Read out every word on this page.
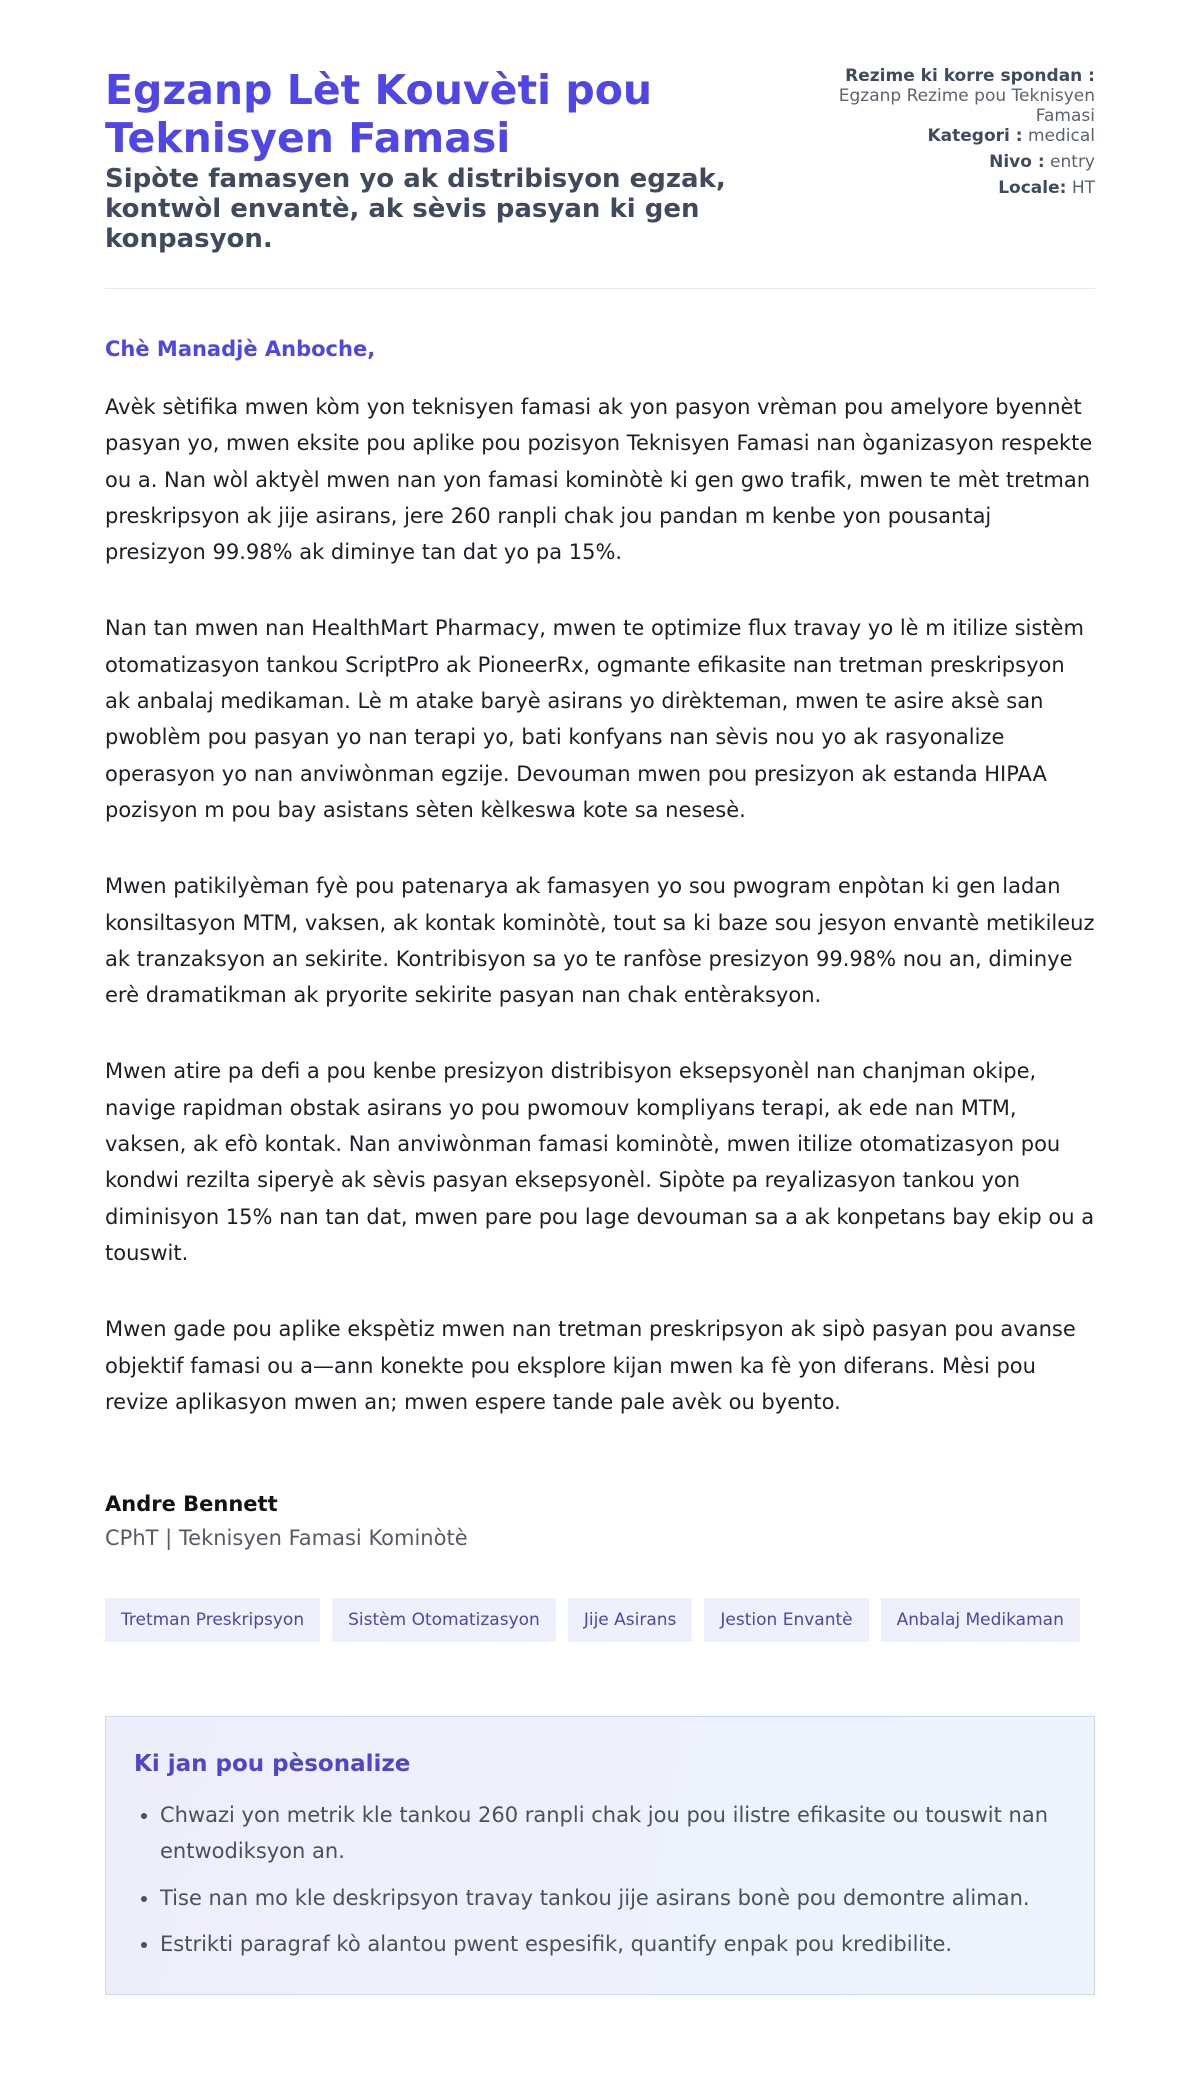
Egzanp Lèt Kouvèti pou Teknisyen Famasi
Sipòte famasyen yo ak distribisyon egzak, kontwòl envantè, ak sèvis pasyan ki gen konpasyon.
Rezime ki korre spondan :
Egzanp Rezime pou Teknisyen Famasi
Kategori : medical
Nivo : entry
Locale: HT
Chè Manadjè Anboche,

Avèk sètifika mwen kòm yon teknisyen famasi ak yon pasyon vrèman pou amelyore byennèt pasyan yo, mwen eksite pou aplike pou pozisyon Teknisyen Famasi nan òganizasyon respekte ou a. Nan wòl aktyèl mwen nan yon famasi kominòtè ki gen gwo trafik, mwen te mèt tretman preskripsyon ak jije asirans, jere 260 ranpli chak jou pandan m kenbe yon pousantaj presizyon 99.98% ak diminye tan dat yo pa 15%.

Nan tan mwen nan HealthMart Pharmacy, mwen te optimize flux travay yo lè m itilize sistèm otomatizasyon tankou ScriptPro ak PioneerRx, ogmante efikasite nan tretman preskripsyon ak anbalaj medikaman. Lè m atake baryè asirans yo dirèkteman, mwen te asire aksè san pwoblèm pou pasyan yo nan terapi yo, bati konfyans nan sèvis nou yo ak rasyonalize operasyon yo nan anviwònman egzije. Devouman mwen pou presizyon ak estanda HIPAA pozisyon m pou bay asistans sèten kèlkeswa kote sa nesesè.

Mwen patikilyèman fyè pou patenarya ak famasyen yo sou pwogram enpòtan ki gen ladan konsiltasyon MTM, vaksen, ak kontak kominòtè, tout sa ki baze sou jesyon envantè metikileuz ak tranzaksyon an sekirite. Kontribisyon sa yo te ranfòse presizyon 99.98% nou an, diminye erè dramatikman ak pryorite sekirite pasyan nan chak entèraksyon.

Mwen atire pa defi a pou kenbe presizyon distribisyon eksepsyonèl nan chanjman okipe, navige rapidman obstak asirans yo pou pwomouv kompliyans terapi, ak ede nan MTM, vaksen, ak efò kontak. Nan anviwònman famasi kominòtè, mwen itilize otomatizasyon pou kondwi rezilta siperyè ak sèvis pasyan eksepsyonèl. Sipòte pa reyalizasyon tankou yon diminisyon 15% nan tan dat, mwen pare pou lage devouman sa a ak konpetans bay ekip ou a touswit.

Mwen gade pou aplike ekspètiz mwen nan tretman preskripsyon ak sipò pasyan pou avanse objektif famasi ou a—ann konekte pou eksplore kijan mwen ka fè yon diferans. Mèsi pou revize aplikasyon mwen an; mwen espere tande pale avèk ou byento.

Andre Bennett
CPhT | Teknisyen Famasi Kominòtè
Tretman Preskripsyon	Sistèm Otomatizasyon	Jije Asirans	Jestion Envantè	Anbalaj Medikaman
Ki jan pou pèsonalize
• Chwazi yon metrik kle tankou 260 ranpli chak jou pou ilistre efikasite ou touswit nan entwodiksyon an.
• Tise nan mo kle deskripsyon travay tankou jije asirans bonè pou demontre aliman.
• Estrikti paragraf kò alantou pwent espesifik, quantify enpak pou kredibilite.
